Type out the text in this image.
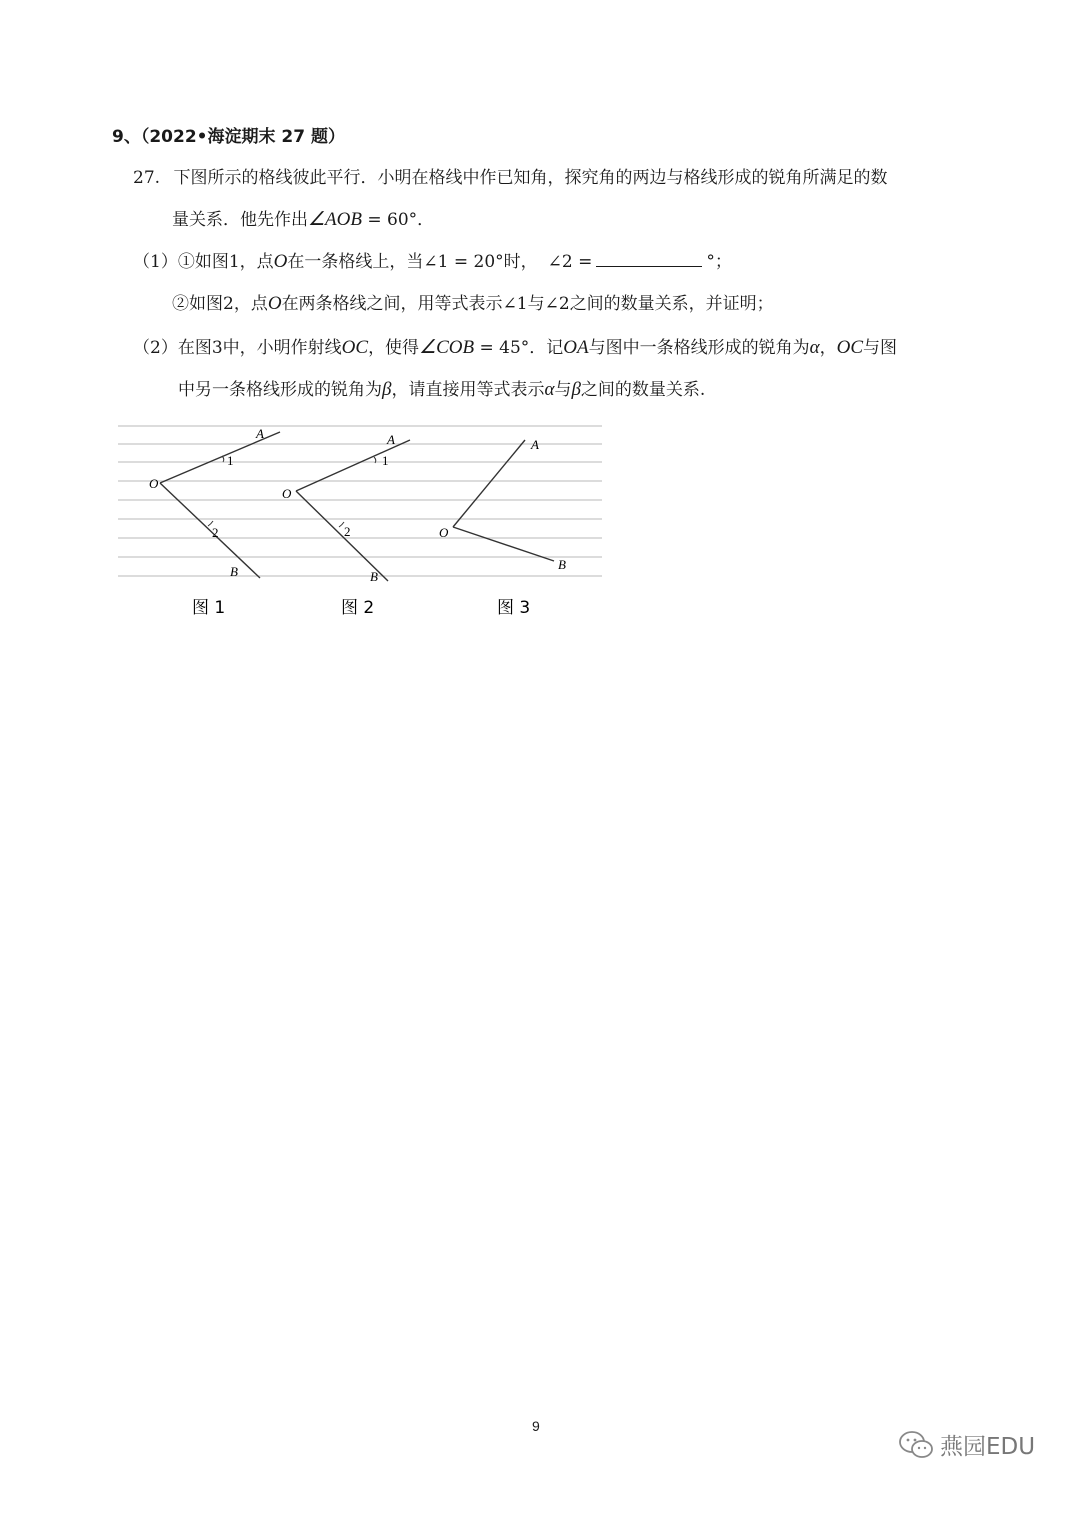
9、（2022•海淀期末 27 题）
27. 下图所示的格线彼此平行．小明在格线中作已知角，探究角的两边与格线形成的锐角所满足的数
量关系．他先作出∠AOB = 60°．
（1）①如图1，点O在一条格线上，当∠1 = 20°时， ∠2 =	°；
②如图2，点O在两条格线之间，用等式表示∠1与∠2之间的数量关系，并证明；
（2）在图3中，小明作射线OC，使得∠COB = 45°．记OA与图中一条格线形成的锐角为α，OC与图
中另一条格线形成的锐角为β，请直接用等式表示α与β之间的数量关系.
A
O
B
1
2
A
O
B
1
2
A
O
B
图 1	图 2	图 3
9
燕园EDU
